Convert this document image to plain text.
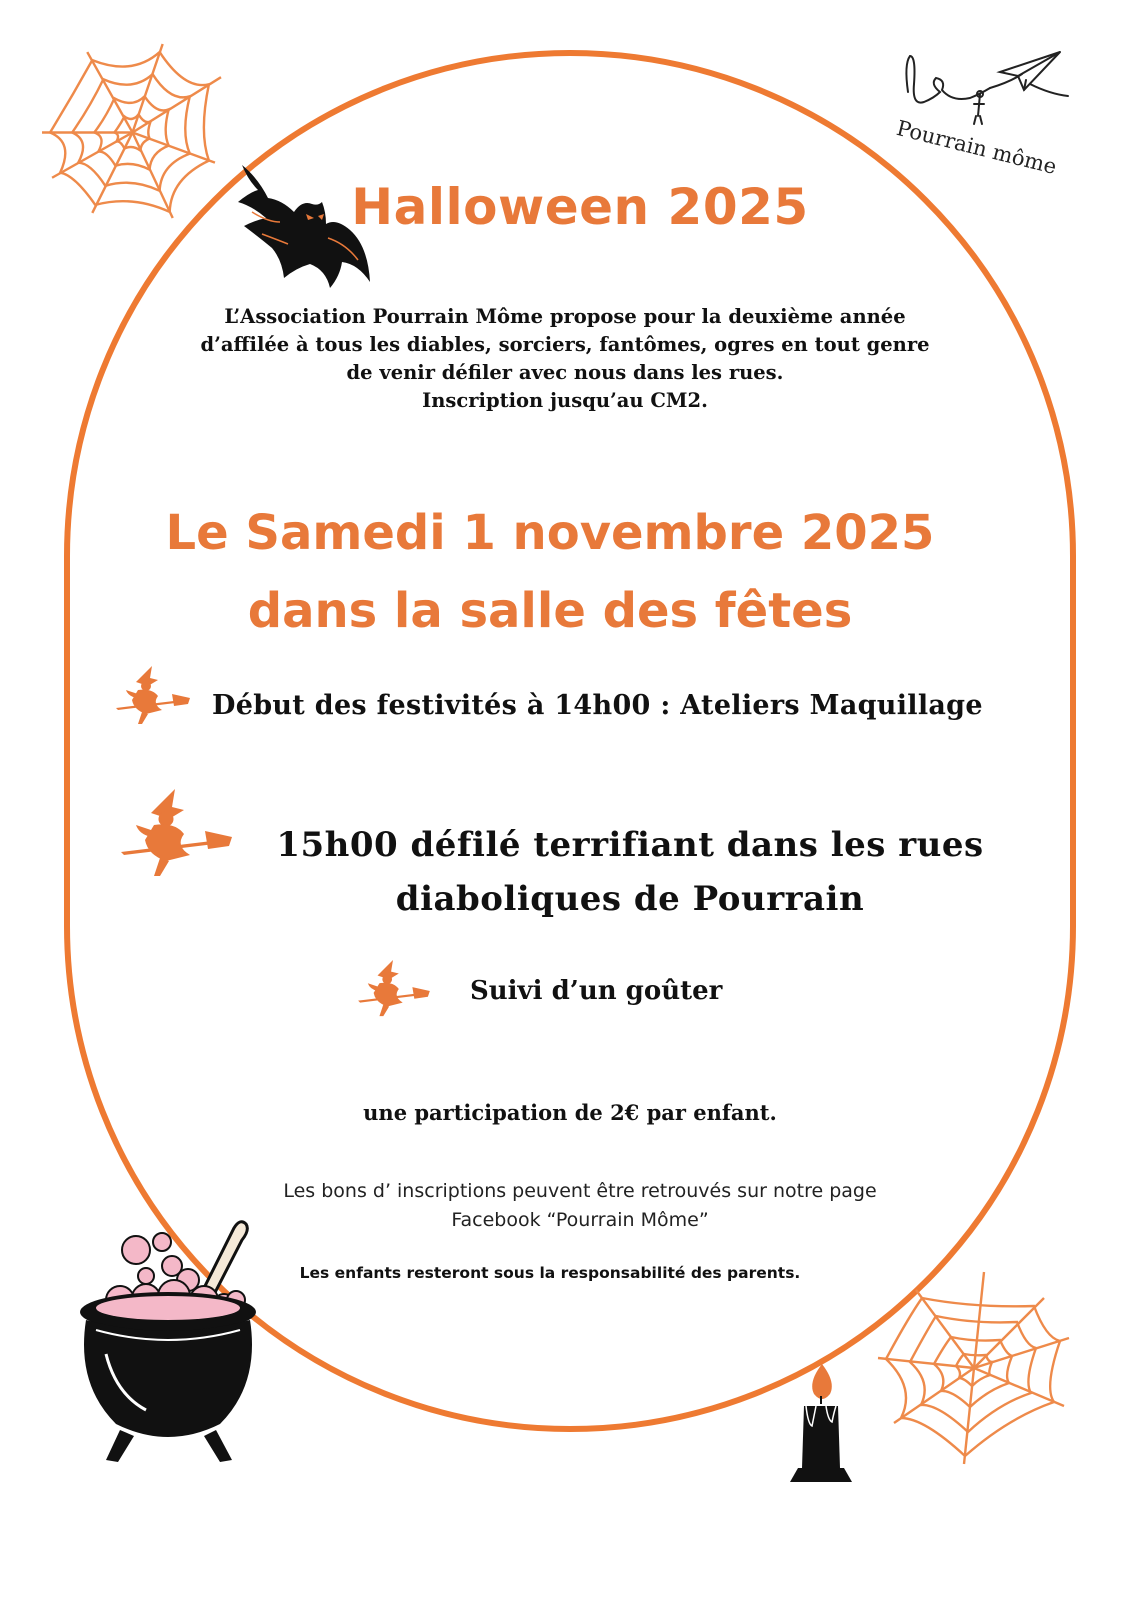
Pourrain môme
Halloween 2025
L’Association Pourrain Môme propose pour la deuxième année
d’affilée à tous les diables, sorciers, fantômes, ogres en tout genre
de venir défiler avec nous dans les rues.
Inscription jusqu’au CM2.
Le Samedi 1 novembre 2025
dans la salle des fêtes
Début des festivités à 14h00 : Ateliers Maquillage
15h00 défilé terrifiant dans les rues
diaboliques de Pourrain
Suivi d’un goûter
une participation de 2€ par enfant.
Les bons d’ inscriptions peuvent être retrouvés sur notre page
Facebook “Pourrain Môme”
Les enfants resteront sous la responsabilité des parents.
